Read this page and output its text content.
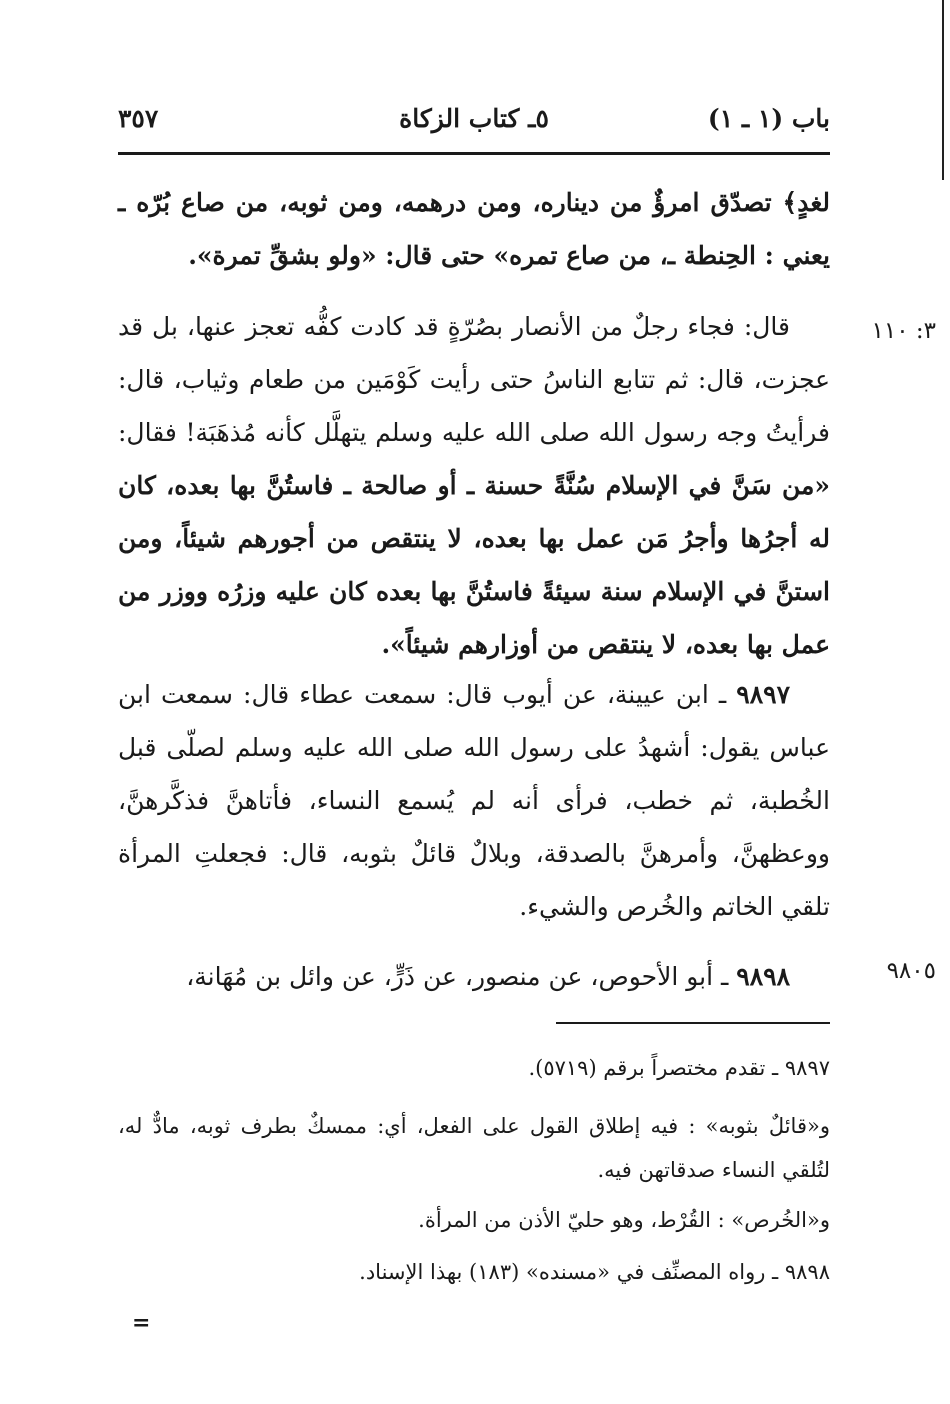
باب (١ ـ ١)
٥ـ كتاب الزكاة
٣٥٧
لغدٍ﴾ تصدّق امرؤٌ من ديناره، ومن درهمه، ومن ثوبه، من صاع بُرّه ـ يعني : الحِنطة ـ، من صاع تمره» حتى قال: «ولو بشقِّ تمرة».
٣: ١١٠
قال: فجاء رجلٌ من الأنصار بصُرّةٍ قد كادت كفُّه تعجز عنها، بل قد عجزت، قال: ثم تتابع الناسُ حتى رأيت كَوْمَين من طعام وثياب، قال: فرأيتُ وجه رسول الله صلى الله عليه وسلم يتهلَّل كأنه مُذهَبَة! فقال: «من سَنَّ في الإسلام سُنَّةً حسنة ـ أو صالحة ـ فاستُنَّ بها بعده، كان له أجرُها وأجرُ مَن عمل بها بعده، لا ينتقص من أجورهم شيئاً، ومن استنَّ في الإسلام سنة سيئةً فاستُنَّ بها بعده كان عليه وزرُه ووزر من عمل بها بعده، لا ينتقص من أوزارهم شيئاً».
٩٨٩٧ ـ ابن عيينة، عن أيوب قال: سمعت عطاء قال: سمعت ابن عباس يقول: أشهدُ على رسول الله صلى الله عليه وسلم لصلّى قبل الخُطبة، ثم خطب، فرأى أنه لم يُسمع النساء، فأتاهنَّ فذكَّرهنَّ، ووعظهنَّ، وأمرهنَّ بالصدقة، وبلالٌ قائلٌ بثوبه، قال: فجعلتِ المرأة تلقي الخاتم والخُرص والشيء.
٩٨٠٥
٩٨٩٨ ـ أبو الأحوص، عن منصور، عن ذَرٍّ، عن وائل بن مُهَانة،
٩٨٩٧ ـ تقدم مختصراً برقم (٥٧١٩).
و«قائلٌ بثوبه» : فيه إطلاق القول على الفعل، أي: ممسكٌ بطرف ثوبه، مادٌّ له، لتُلقي النساء صدقاتهن فيه.
و«الخُرص» : القُرْط، وهو حليّ الأذن من المرأة.
٩٨٩٨ ـ رواه المصنِّف في «مسنده» (١٨٣) بهذا الإسناد.
=
